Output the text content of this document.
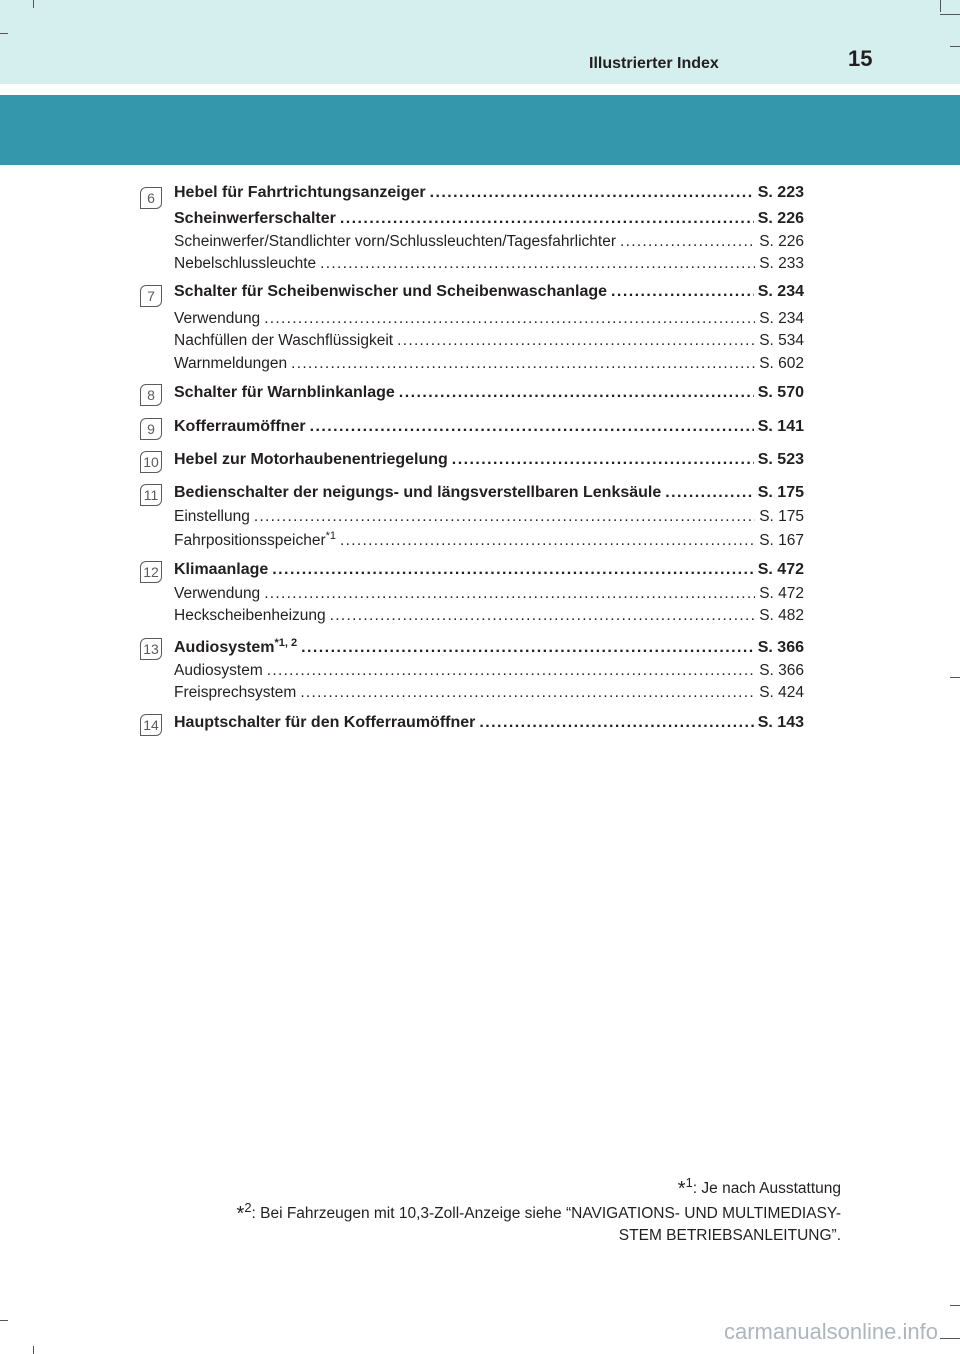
Illustrierter Index	15
6	Hebel für Fahrtrichtungsanzeiger . . .	S. 223
Scheinwerferschalter . . .	S. 226
Scheinwerfer/Standlichter vorn/Schlussleuchten/Tagesfahrlichter . . .	S. 226
Nebelschlussleuchte . . .	S. 233
7	Schalter für Scheibenwischer und Scheibenwaschanlage . . .	S. 234
Verwendung . . .	S. 234
Nachfüllen der Waschflüssigkeit . . .	S. 534
Warnmeldungen . . .	S. 602
8	Schalter für Warnblinkanlage . . .	S. 570
9	Kofferraumöffner . . .	S. 141
10 Hebel zur Motorhaubenentriegelung . . .	S. 523
11 Bedienschalter der neigungs- und längsverstellbaren Lenksäule . . .	S. 175
Einstellung . . .	S. 175
Fahrpositionsspeicher$^{*1}$ . . .	S. 167
12 Klimaanlage . . .	S. 472
Verwendung . . .	S. 472
Heckscheibenheizung . . .	S. 482
13 Audiosystem$^{*1, 2}$ . . .	S. 366
Audiosystem . . .	S. 366
Freisprechsystem . . .	S. 424
14 Hauptschalter für den Kofferraumöffner . . .	S. 143
*$^1$: Je nach Ausstattung
*$^2$: Bei Fahrzeugen mit 10,3-Zoll-Anzeige siehe “NAVIGATIONS- UND MULTIMEDIASY-
STEM BETRIEBSANLEITUNG”.
carmanualsonline.info
